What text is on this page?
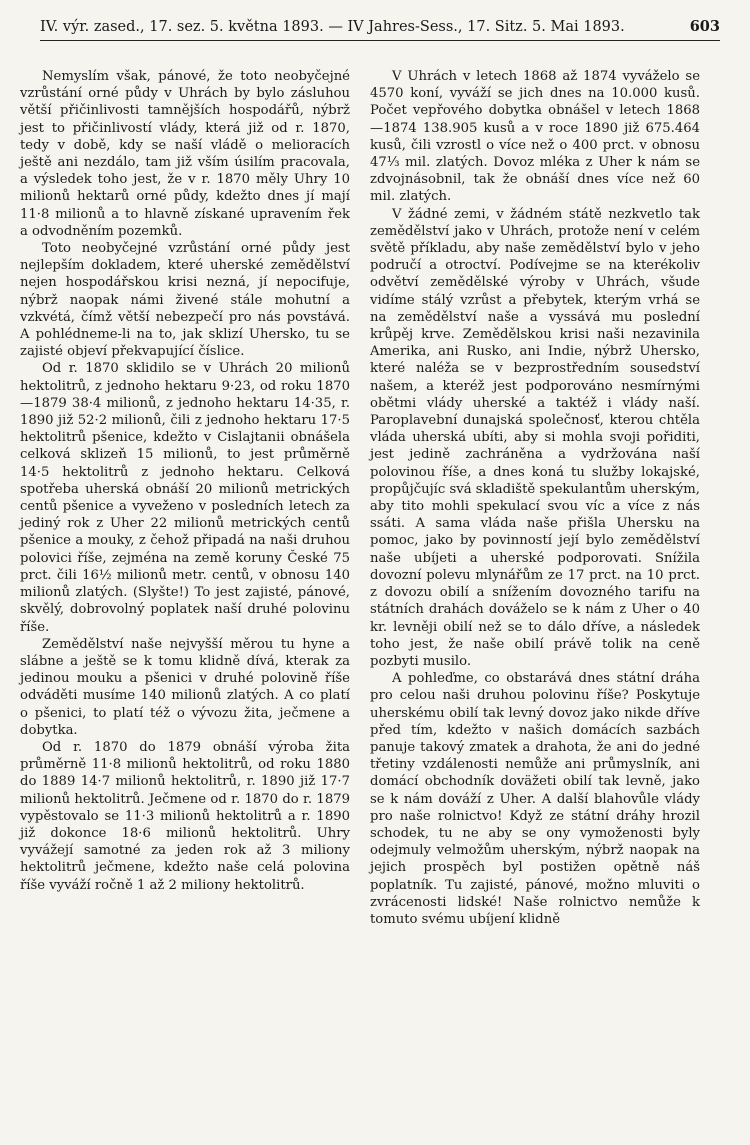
IV. výr. zased., 17. sez. 5. května 1893. — IV Jahres-Sess., 17. Sitz. 5. Mai 1893.	603

Nemyslím však, pánové, že toto neobyčejné vzrůstání orné půdy v Uhrách by bylo zásluhou větší přičinlivosti tamnějších hospodářů, nýbrž jest to přičinlivostí vlády, která již od r. 1870, tedy v době, kdy se naší vládě o melioracích ještě ani nezdálo, tam již vším úsilím pracovala, a výsledek toho jest, že v r. 1870 měly Uhry 10 milionů hektarů orné půdy, kdežto dnes jí mají 11·8 milionů a to hlavně získané upravením řek a odvodněním pozemků.

Toto neobyčejné vzrůstání orné půdy jest nejlepším dokladem, které uherské zemědělství nejen hospodářskou krisi nezná, jí nepocifuje, nýbrž naopak námi živené stále mohutní a vzkvétá, čímž větší nebezpečí pro nás povstává. A pohlédneme-li na to, jak sklizí Uhersko, tu se zajisté objeví překvapující číslice.

Od r. 1870 sklidilo se v Uhrách 20 milionů hektolitrů, z jednoho hektaru 9·23, od roku 1870—1879 38·4 milionů, z jednoho hektaru 14·35, r. 1890 již 52·2 milionů, čili z jednoho hektaru 17·5 hektolitrů pšenice, kdežto v Cislajtanii obnášela celková sklizeň 15 milionů, to jest průměrně 14·5 hektolitrů z jednoho hektaru. Celková spotřeba uherská obnáší 20 milionů metrických centů pšenice a vyveženo v posledních letech za jediný rok z Uher 22 milionů metrických centů pšenice a mouky, z čehož připadá na naši druhou polovici říše, zejména na země koruny České 75 prct. čili 16½ milionů metr. centů, v obnosu 140 milionů zlatých. (Slyšte!) To jest zajisté, pánové, skvělý, dobrovolný poplatek naší druhé polovinu říše.

Zemědělství naše nejvyšší měrou tu hyne a slábne a ještě se k tomu klidně dívá, kterak za jedinou mouku a pšenici v druhé polovině říše odváděti musíme 140 milionů zlatých. A co platí o pšenici, to platí též o vývozu žita, ječmene a dobytka.

Od r. 1870 do 1879 obnáší výroba žita průměrně 11·8 milionů hektolitrů, od roku 1880 do 1889 14·7 milionů hektolitrů, r. 1890 již 17·7 milionů hektolitrů. Ječmene od r. 1870 do r. 1879 vypěstovalo se 11·3 milionů hektolitrů a r. 1890 již dokonce 18·6 milionů hektolitrů. Uhry vyvážejí samotné za jeden rok až 3 miliony hektolitrů ječmene, kdežto naše celá polovina říše vyváží ročně 1 až 2 miliony hektolitrů.

V Uhrách v letech 1868 až 1874 vyváželo se 4570 koní, vyváží se jich dnes na 10.000 kusů. Počet vepřového dobytka obnášel v letech 1868—1874 138.905 kusů a v roce 1890 již 675.464 kusů, čili vzrostl o více než o 400 prct. v obnosu 47⅓ mil. zlatých. Dovoz mléka z Uher k nám se zdvojnásobnil, tak že obnáší dnes více než 60 mil. zlatých.

V žádné zemi, v žádném státě nezkvetlo tak zemědělství jako v Uhrách, protože není v celém světě příkladu, aby naše zemědělství bylo v jeho područí a otroctví. Podívejme se na kterékoliv odvětví zemědělské výroby v Uhrách, všude vidíme stálý vzrůst a přebytek, kterým vrhá se na zemědělství naše a vyssává mu poslední krůpěj krve. Zemědělskou krisi naši nezavinila Amerika, ani Rusko, ani Indie, nýbrž Uhersko, které naléža se v bezprostředním sousedství našem, a kteréž jest podporováno nesmírnými obětmi vlády uherské a taktéž i vlády naší. Paroplavební dunajská společnosť, kterou chtěla vláda uherská ubíti, aby si mohla svoji pořiditi, jest jedině zachráněna a vydržována naší polovinou říše, a dnes koná tu služby lokajské, propůjčujíc svá skladiště spekulantům uherským, aby tito mohli spekulací svou víc a více z nás ssáti. A sama vláda naše přišla Uhersku na pomoc, jako by povinností její bylo zemědělství naše ubíjeti a uherské podporovati. Snížila dovozní polevu mlynářům ze 17 prct. na 10 prct. z dovozu obilí a snížením dovozného tarifu na státních drahách dováželo se k nám z Uher o 40 kr. levněji obilí než se to dálo dříve, a následek toho jest, že naše obilí právě tolik na ceně pozbyti musilo.

A pohleďme, co obstarává dnes státní dráha pro celou naši druhou polovinu říše? Poskytuje uherskému obilí tak levný dovoz jako nikde dříve před tím, kdežto v našich domácích sazbách panuje takový zmatek a drahota, že ani do jedné třetiny vzdálenosti nemůže ani průmyslník, ani domácí obchodník doväžeti obilí tak levně, jako se k nám dováží z Uher. A další blahovůle vlády pro naše rolnictvo! Když ze státní dráhy hrozil schodek, tu ne aby se ony vymoženosti byly odejmuly velmožům uherským, nýbrž naopak na jejich prospěch byl postižen opětně náš poplatník. Tu zajisté, pánové, možno mluviti o zvrácenosti lidské! Naše rolnictvo nemůže k tomuto svému ubíjení klidně
